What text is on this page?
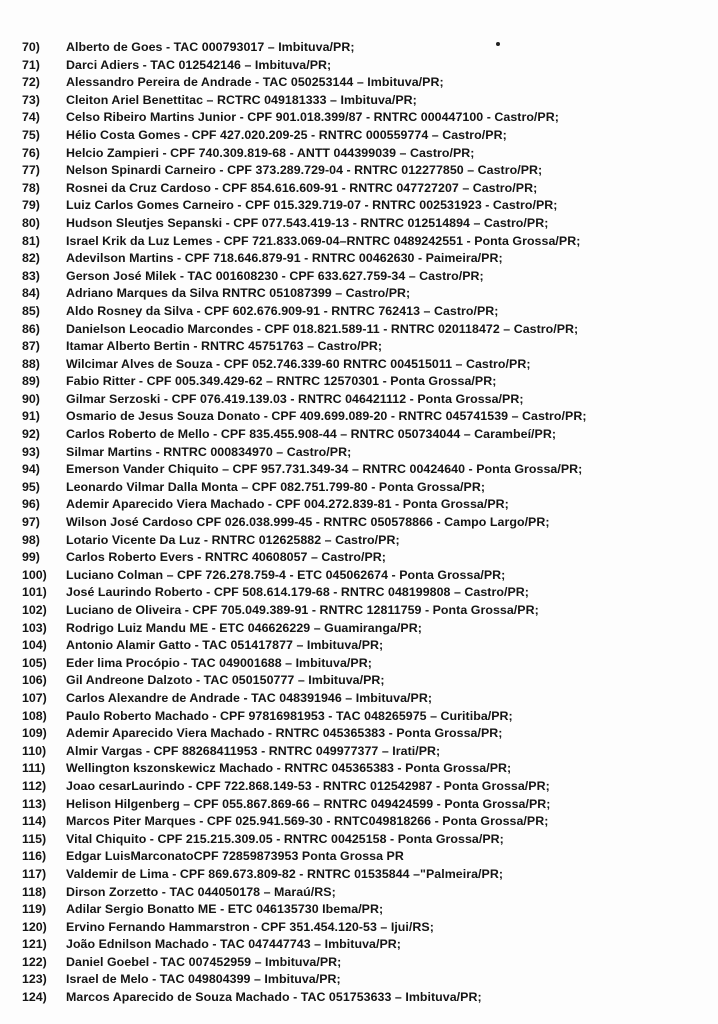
70)	Alberto de Goes - TAC 000793017 – Imbituva/PR;
71)	Darci Adiers - TAC 012542146 – Imbituva/PR;
72)	Alessandro Pereira de Andrade - TAC 050253144 – Imbituva/PR;
73)	Cleiton Ariel Benettitac – RCTRC 049181333 – Imbituva/PR;
74)	Celso Ribeiro Martins Junior - CPF 901.018.399/87 - RNTRC 000447100 - Castro/PR;
75)	Hélio Costa Gomes - CPF 427.020.209-25 - RNTRC 000559774 – Castro/PR;
76)	Helcio Zampieri - CPF 740.309.819-68 - ANTT 044399039 – Castro/PR;
77)	Nelson Spinardi Carneiro - CPF 373.289.729-04 - RNTRC 012277850 – Castro/PR;
78)	Rosnei da Cruz Cardoso - CPF 854.616.609-91 - RNTRC 047727207 – Castro/PR;
79)	Luiz Carlos Gomes Carneiro - CPF 015.329.719-07 - RNTRC 002531923 - Castro/PR;
80)	Hudson Sleutjes Sepanski - CPF 077.543.419-13 - RNTRC 012514894 – Castro/PR;
81)	Israel Krik da Luz Lemes - CPF 721.833.069-04–RNTRC 0489242551 - Ponta Grossa/PR;
82)	Adevilson Martins - CPF 718.646.879-91 - RNTRC 00462630 - Paimeira/PR;
83)	Gerson José Milek - TAC 001608230 - CPF 633.627.759-34 – Castro/PR;
84)	Adriano Marques da Silva RNTRC 051087399 – Castro/PR;
85)	Aldo Rosney da Silva - CPF 602.676.909-91 - RNTRC 762413 – Castro/PR;
86)	Danielson Leocadio Marcondes - CPF 018.821.589-11 - RNTRC 020118472 – Castro/PR;
87)	Itamar Alberto Bertin - RNTRC 45751763 – Castro/PR;
88)	Wilcimar Alves de Souza - CPF 052.746.339-60 RNTRC 004515011 – Castro/PR;
89)	Fabio Ritter - CPF 005.349.429-62 – RNTRC 12570301 - Ponta Grossa/PR;
90)	Gilmar Serzoski - CPF 076.419.139.03 - RNTRC 046421112 - Ponta Grossa/PR;
91)	Osmario de Jesus Souza Donato - CPF 409.699.089-20 - RNTRC 045741539 – Castro/PR;
92)	Carlos Roberto de Mello - CPF 835.455.908-44 – RNTRC 050734044 – Carambeí/PR;
93)	Silmar Martins - RNTRC 000834970 – Castro/PR;
94)	Emerson Vander Chiquito – CPF 957.731.349-34 – RNTRC 00424640 - Ponta Grossa/PR;
95)	Leonardo Vilmar Dalla Monta – CPF 082.751.799-80 - Ponta Grossa/PR;
96)	Ademir Aparecido Viera Machado - CPF 004.272.839-81 - Ponta Grossa/PR;
97)	Wilson José Cardoso CPF 026.038.999-45 - RNTRC 050578866 - Campo Largo/PR;
98)	Lotario Vicente Da Luz - RNTRC 012625882 – Castro/PR;
99)	Carlos Roberto Evers - RNTRC 40608057 – Castro/PR;
100)	Luciano Colman – CPF 726.278.759-4 - ETC 045062674 - Ponta Grossa/PR;
101)	José Laurindo Roberto - CPF 508.614.179-68 - RNTRC 048199808 – Castro/PR;
102)	Luciano de Oliveira - CPF 705.049.389-91 - RNTRC 12811759 - Ponta Grossa/PR;
103)	Rodrigo Luiz Mandu ME - ETC 046626229 – Guamiranga/PR;
104)	Antonio Alamir Gatto - TAC 051417877 – Imbituva/PR;
105)	Eder lima Procópio - TAC 049001688 – Imbituva/PR;
106)	Gil Andreone Dalzoto - TAC 050150777 – Imbituva/PR;
107)	Carlos Alexandre de Andrade - TAC 048391946 – Imbituva/PR;
108)	Paulo Roberto Machado - CPF 97816981953 - TAC 048265975 – Curitiba/PR;
109)	Ademir Aparecido Viera Machado - RNTRC 045365383 - Ponta Grossa/PR;
110)	Almir Vargas - CPF 88268411953 - RNTRC 049977377 – Irati/PR;
111)	Wellington kszonskewicz Machado - RNTRC 045365383 - Ponta Grossa/PR;
112)	Joao cesarLaurindo - CPF 722.868.149-53 - RNTRC 012542987 - Ponta Grossa/PR;
113)	Helison Hilgenberg – CPF 055.867.869-66 – RNTRC 049424599 - Ponta Grossa/PR;
114)	Marcos Piter Marques - CPF 025.941.569-30 - RNTC049818266 - Ponta Grossa/PR;
115)	Vital Chiquito - CPF 215.215.309.05 - RNTRC 00425158 - Ponta Grossa/PR;
116)	Edgar LuisMarconatoCPF 72859873953 Ponta Grossa PR
117)	Valdemir de Lima - CPF 869.673.809-82 - RNTRC 01535844 –"Palmeira/PR;
118)	Dirson Zorzetto - TAC 044050178 – Maraú/RS;
119)	Adilar Sergio Bonatto ME - ETC 046135730 Ibema/PR;
120)	Ervino Fernando Hammarstron - CPF 351.454.120-53 – Ijui/RS;
121)	João Ednilson Machado - TAC 047447743 – Imbituva/PR;
122)	Daniel Goebel - TAC 007452959 – Imbituva/PR;
123)	Israel de Melo - TAC 049804399 – Imbituva/PR;
124)	Marcos Aparecido de Souza Machado - TAC 051753633 – Imbituva/PR;
